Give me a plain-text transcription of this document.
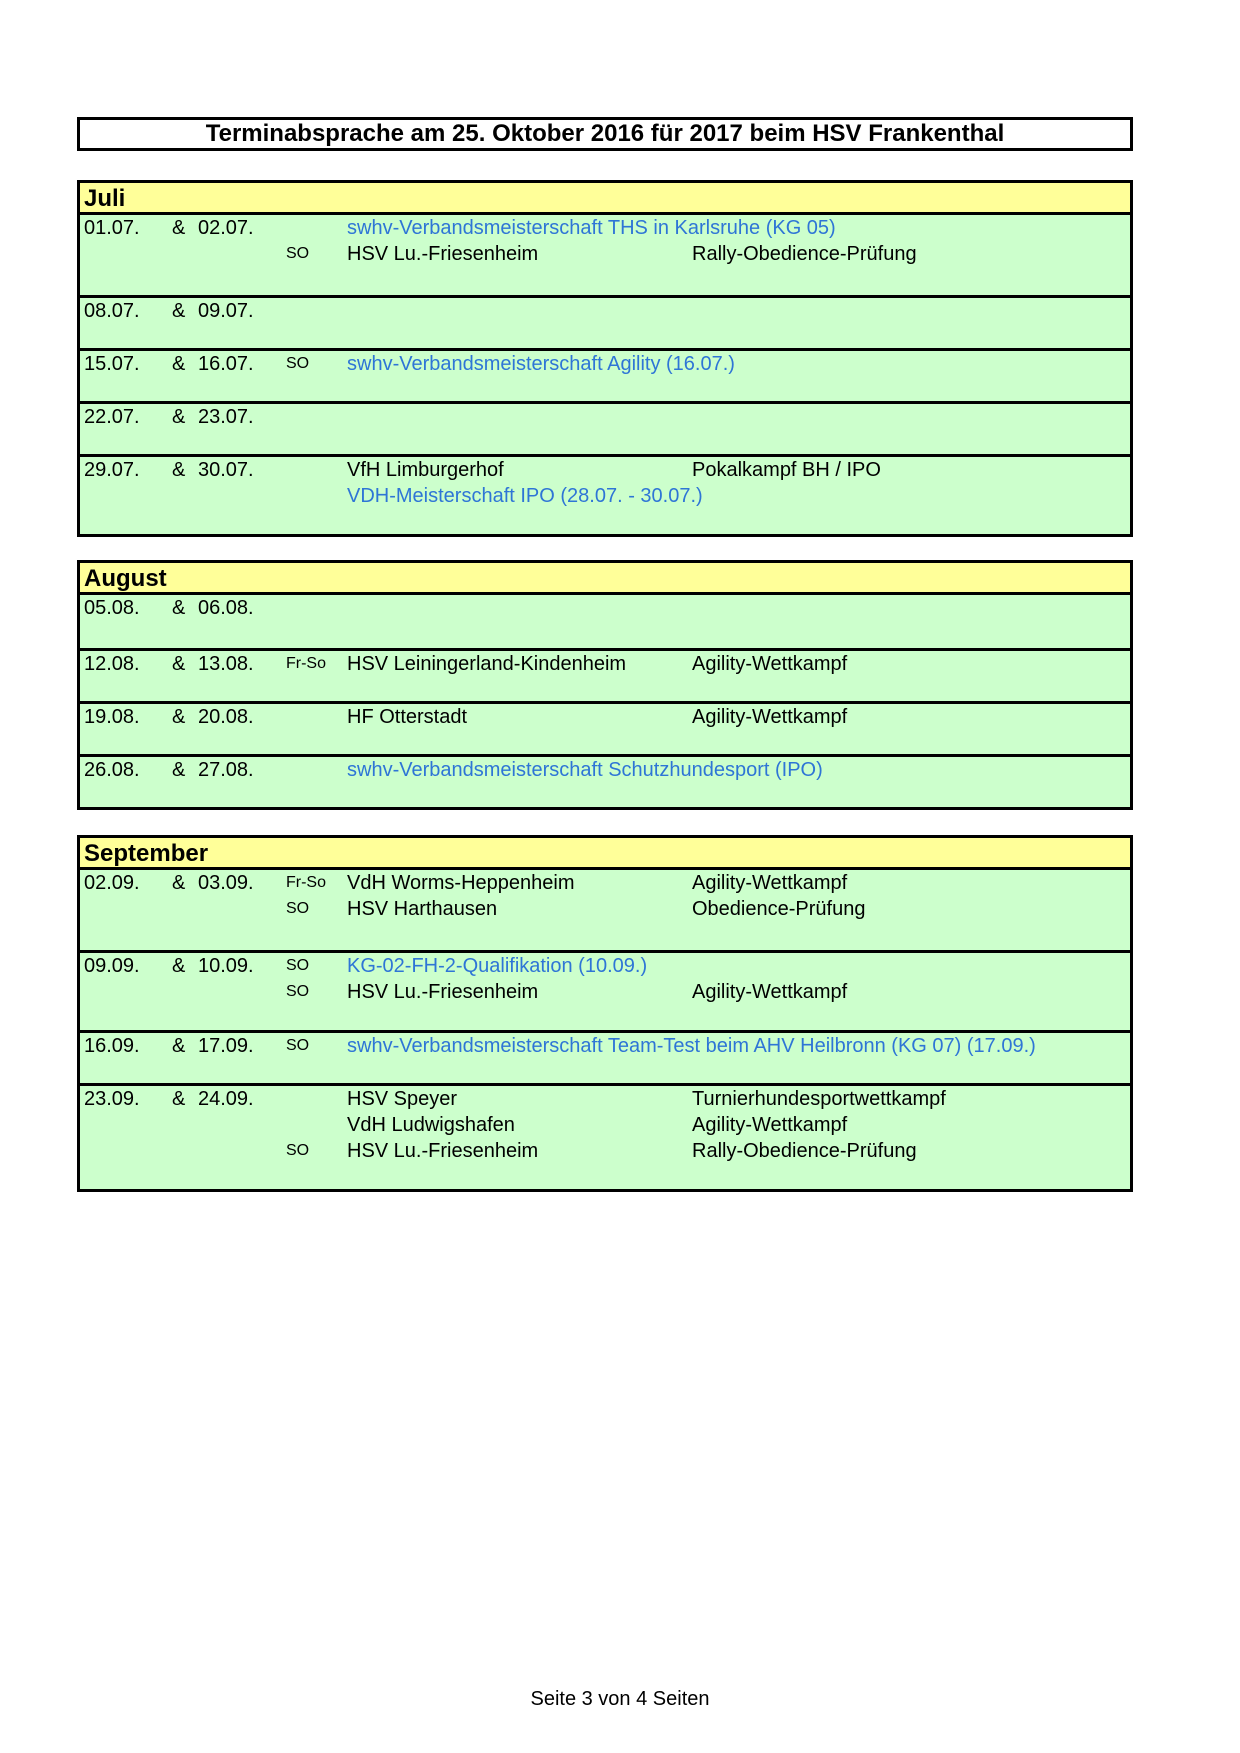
Terminabsprache am 25. Oktober 2016 für 2017 beim HSV Frankenthal
Juli
01.07. & 02.07.	swhv-Verbandsmeisterschaft THS in Karlsruhe (KG 05)
SO HSV Lu.-Friesenheim	Rally-Obedience-Prüfung
08.07. & 09.07.
15.07. & 16.07. SO swhv-Verbandsmeisterschaft Agility (16.07.)
22.07. & 23.07.
29.07. & 30.07.	VfH Limburgerhof	Pokalkampf BH / IPO
VDH-Meisterschaft IPO (28.07. - 30.07.)
August
05.08. & 06.08.
12.08. & 13.08. Fr-So HSV Leiningerland-Kindenheim	Agility-Wettkampf
19.08. & 20.08.	HF Otterstadt	Agility-Wettkampf
26.08. & 27.08.	swhv-Verbandsmeisterschaft Schutzhundesport (IPO)
September
02.09. & 03.09. Fr-So VdH Worms-Heppenheim	Agility-Wettkampf
SO HSV Harthausen	Obedience-Prüfung
09.09. & 10.09. SO KG-02-FH-2-Qualifikation (10.09.)
SO HSV Lu.-Friesenheim	Agility-Wettkampf
16.09. & 17.09. SO swhv-Verbandsmeisterschaft Team-Test beim AHV Heilbronn (KG 07) (17.09.)
23.09. & 24.09.	HSV Speyer	Turnierhundesportwettkampf
VdH Ludwigshafen	Agility-Wettkampf
SO HSV Lu.-Friesenheim	Rally-Obedience-Prüfung
Seite 3 von 4 Seiten
